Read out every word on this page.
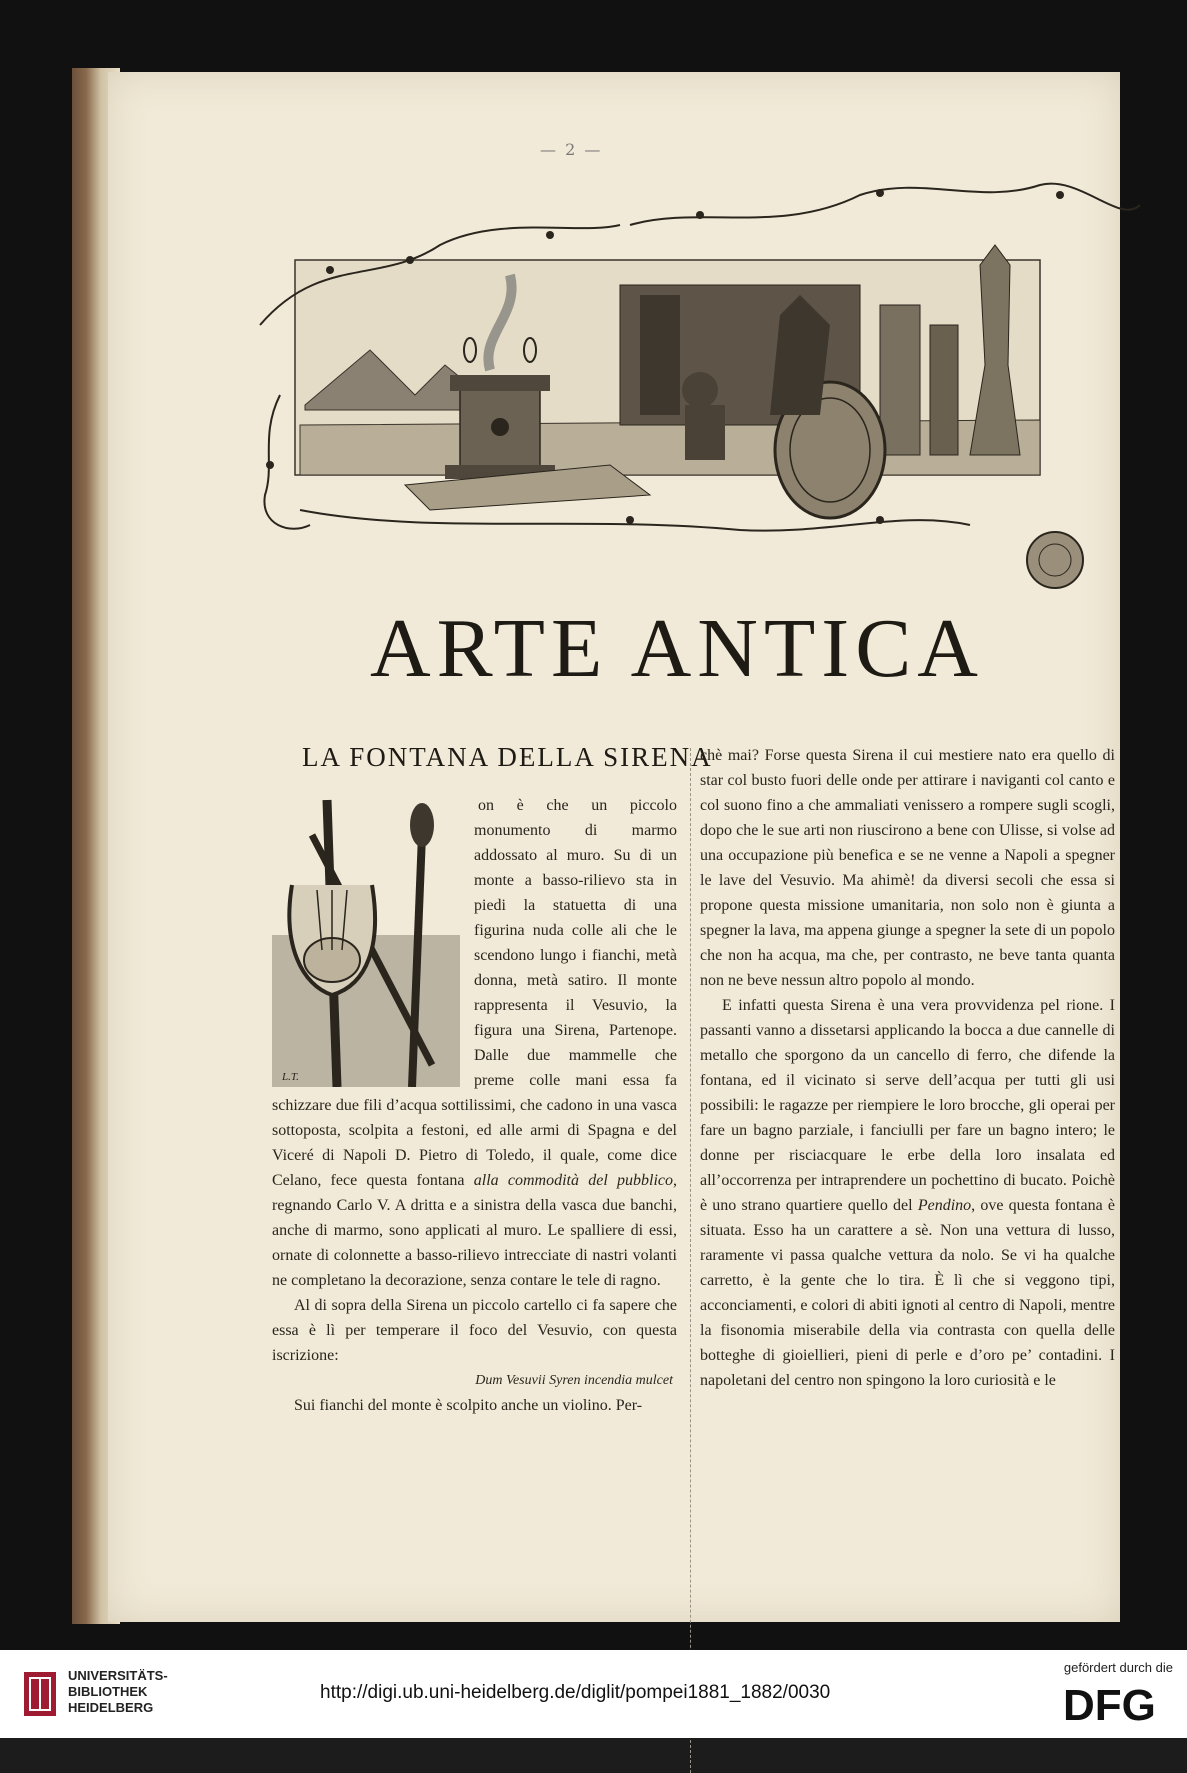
— 2 —
ARTE ANTICA
LA FONTANA DELLA SIRENA
L.T.

on è che un piccolo monumento di marmo addossato al muro. Su di un monte a basso-rilievo sta in piedi la statuetta di una figurina nuda colle ali che le scendono lungo i fianchi, metà donna, metà satiro. Il monte rappresenta il Vesuvio, la figura una Sirena, Partenope. Dalle due mammelle che preme colle mani essa fa schizzare due fili d’acqua sottilissimi, che cadono in una vasca sottoposta, scolpita a festoni, ed alle armi di Spagna e del Viceré di Napoli D. Pietro di Toledo, il quale, come dice Celano, fece questa fontana alla commodità del pubblico, regnando Carlo V. A dritta e a sinistra della vasca due banchi, anche di marmo, sono applicati al muro. Le spalliere di essi, ornate di colonnette a basso-rilievo intrecciate di nastri volanti ne completano la decorazione, senza contare le tele di ragno.

Al di sopra della Sirena un piccolo cartello ci fa sapere che essa è lì per temperare il foco del Vesuvio, con questa iscrizione:

Dum Vesuvii Syren incendia mulcet

Sui fianchi del monte è scolpito anche un violino. Per-

chè mai? Forse questa Sirena il cui mestiere nato era quello di star col busto fuori delle onde per attirare i naviganti col canto e col suono fino a che ammaliati venissero a rompere sugli scogli, dopo che le sue arti non riuscirono a bene con Ulisse, si volse ad una occupazione più benefica e se ne venne a Napoli a spegner le lave del Vesuvio. Ma ahimè! da diversi secoli che essa si propone questa missione umanitaria, non solo non è giunta a spegner la lava, ma appena giunge a spegner la sete di un popolo che non ha acqua, ma che, per contrasto, ne beve tanta quanta non ne beve nessun altro popolo al mondo.

E infatti questa Sirena è una vera provvidenza pel rione. I passanti vanno a dissetarsi applicando la bocca a due cannelle di metallo che sporgono da un cancello di ferro, che difende la fontana, ed il vicinato si serve dell’acqua per tutti gli usi possibili: le ragazze per riempiere le loro brocche, gli operai per fare un bagno parziale, i fanciulli per fare un bagno intero; le donne per risciacquare le erbe della loro insalata ed all’occorrenza per intraprendere un pochettino di bucato. Poichè è uno strano quartiere quello del Pendino, ove questa fontana è situata. Esso ha un carattere a sè. Non una vettura di lusso, raramente vi passa qualche vettura da nolo. Se vi ha qualche carretto, è la gente che lo tira. È lì che si veggono tipi, acconciamenti, e colori di abiti ignoti al centro di Napoli, mentre la fisonomia miserabile della via contrasta con quella delle botteghe di gioiellieri, pieni di perle e d’oro pe’ contadini. I napoletani del centro non spingono la loro curiosità e le

UNIVERSITÄTS-
BIBLIOTHEK
HEIDELBERG
http://digi.ub.uni-heidelberg.de/diglit/pompei1881_1882/0030
gefördert durch die
DFG
